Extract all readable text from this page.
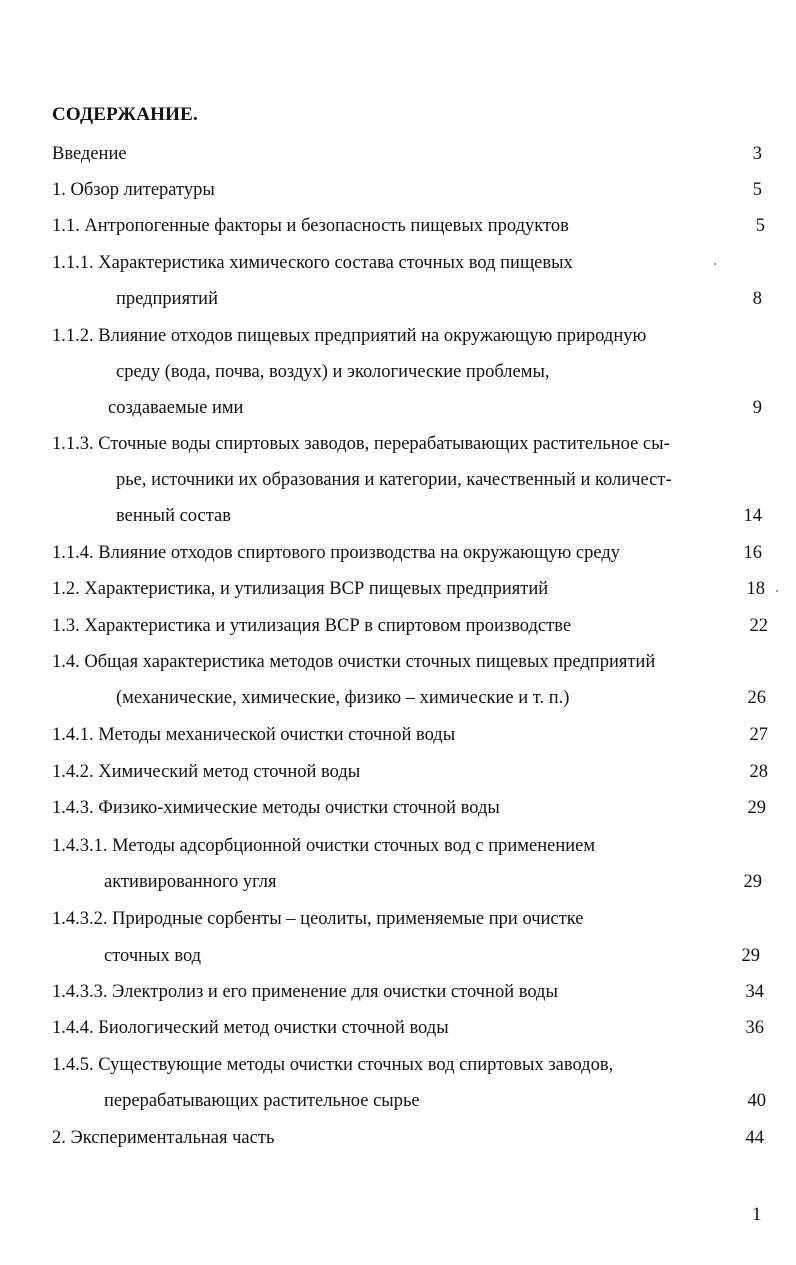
СОДЕРЖАНИЕ.
Введение	3
1. Обзор литературы	5
1.1. Антропогенные факторы и безопасность пищевых продуктов	5
1.1.1. Характеристика химического состава сточных вод пищевых
предприятий	8
1.1.2. Влияние отходов пищевых предприятий на окружающую природную
среду (вода, почва, воздух) и экологические проблемы,
создаваемые ими	9
1.1.3. Сточные воды спиртовых заводов, перерабатывающих растительное сы-
рье, источники их образования и категории, качественный и количест-
венный состав	14
1.1.4. Влияние отходов спиртового производства на окружающую среду	16
1.2. Характеристика, и утилизация ВСР пищевых предприятий	18
1.3. Характеристика и утилизация ВСР в спиртовом производстве	22
1.4. Общая характеристика методов очистки сточных пищевых предприятий
(механические, химические, физико – химические и т. п.)	26
1.4.1. Методы механической очистки сточной воды	27
1.4.2. Химический метод сточной воды	28
1.4.3. Физико-химические методы очистки сточной воды	29
1.4.3.1. Методы адсорбционной очистки сточных вод с применением
активированного угля	29
1.4.3.2. Природные сорбенты – цеолиты, применяемые при очистке
сточных вод	29
1.4.3.3. Электролиз и его применение для очистки сточной воды	34
1.4.4. Биологический метод очистки сточной воды	36
1.4.5. Существующие методы очистки сточных вод спиртовых заводов,
перерабатывающих растительное сырье	40
2. Экспериментальная часть	44
1
